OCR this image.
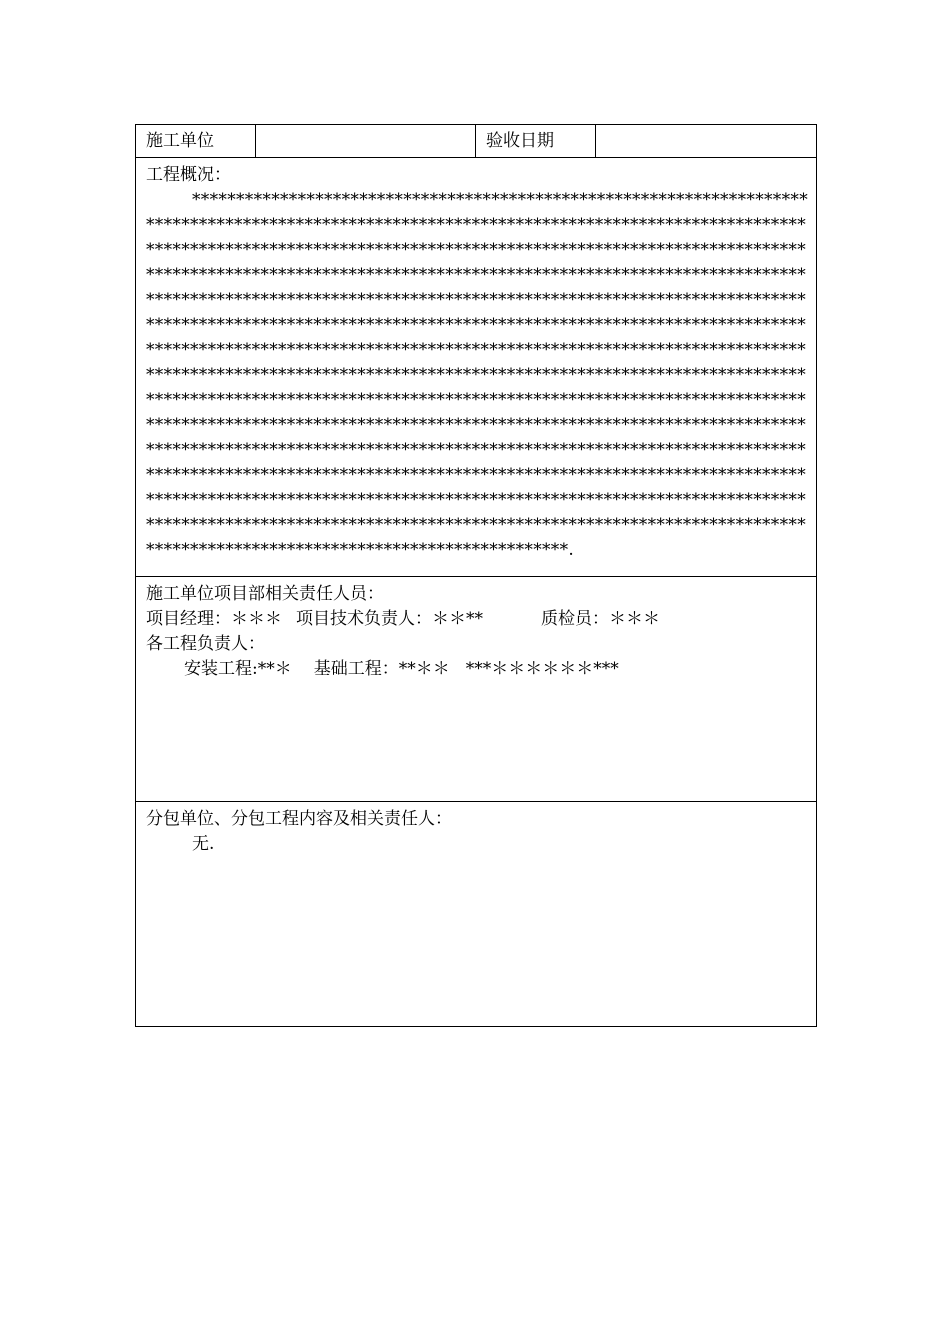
施工单位		验收日期	

工程概况：
*************************************************************************************************************************************************************************************************************************************************************************************************************************************************************************************************************************************************************************************************************************************************************************************************************************************************************************************************************************************************************************************************************************************************************************************************************************************************************************************************************************************************************************************************************************************.

施工单位项目部相关责任人员：
项目经理：＊＊＊ 项目技术负责人：＊＊**	质检员：＊＊＊
各工程负责人：
安装工程:**＊ 基础工程：**＊＊ ***＊＊＊＊＊＊***

分包单位、分包工程内容及相关责任人：
无.
